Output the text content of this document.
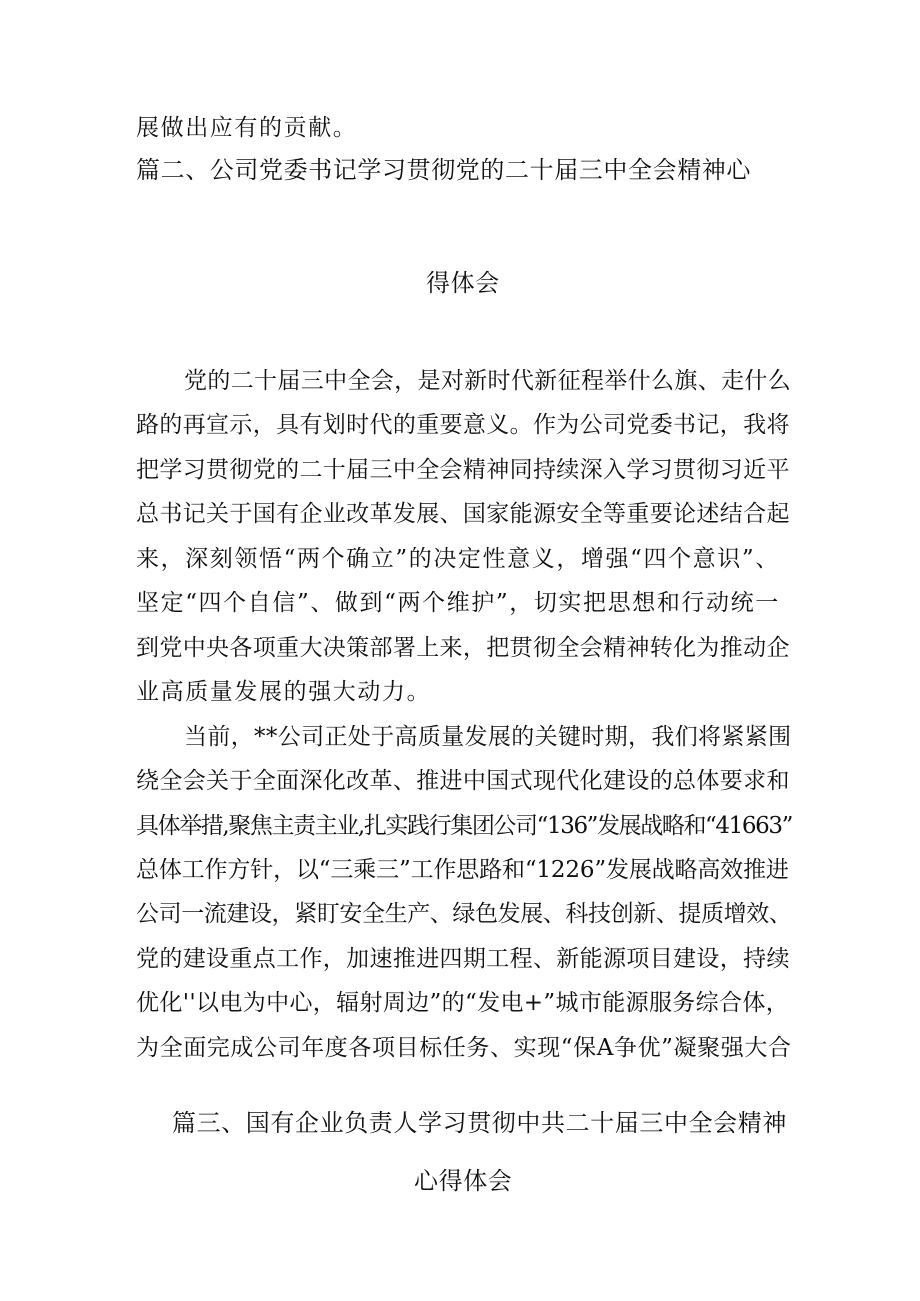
展做出应有的贡献。
篇二、公司党委书记学习贯彻党的二十届三中全会精神心
得体会
党的二十届三中全会，是对新时代新征程举什么旗、走什么
路的再宣示，具有划时代的重要意义。作为公司党委书记，我将
把学习贯彻党的二十届三中全会精神同持续深入学习贯彻习近平
总书记关于国有企业改革发展、国家能源安全等重要论述结合起
来，深刻领悟“两个确立”的决定性意义，增强“四个意识”、
坚定“四个自信”、做到“两个维护”，切实把思想和行动统一
到党中央各项重大决策部署上来，把贯彻全会精神转化为推动企
业高质量发展的强大动力。
当前，**公司正处于高质量发展的关键时期，我们将紧紧围
绕全会关于全面深化改革、推进中国式现代化建设的总体要求和
具体举措,聚焦主责主业,扎实践行集团公司“136”发展战略和“41663”
总体工作方针，以“三乘三”工作思路和“1226”发展战略高效推进
公司一流建设，紧盯安全生产、绿色发展、科技创新、提质增效、
党的建设重点工作，加速推进四期工程、新能源项目建设，持续
优化''以电为中心，辐射周边”的“发电+”城市能源服务综合体，
为全面完成公司年度各项目标任务、实现“保A争优”凝聚强大合
篇三、国有企业负责人学习贯彻中共二十届三中全会精神
心得体会
